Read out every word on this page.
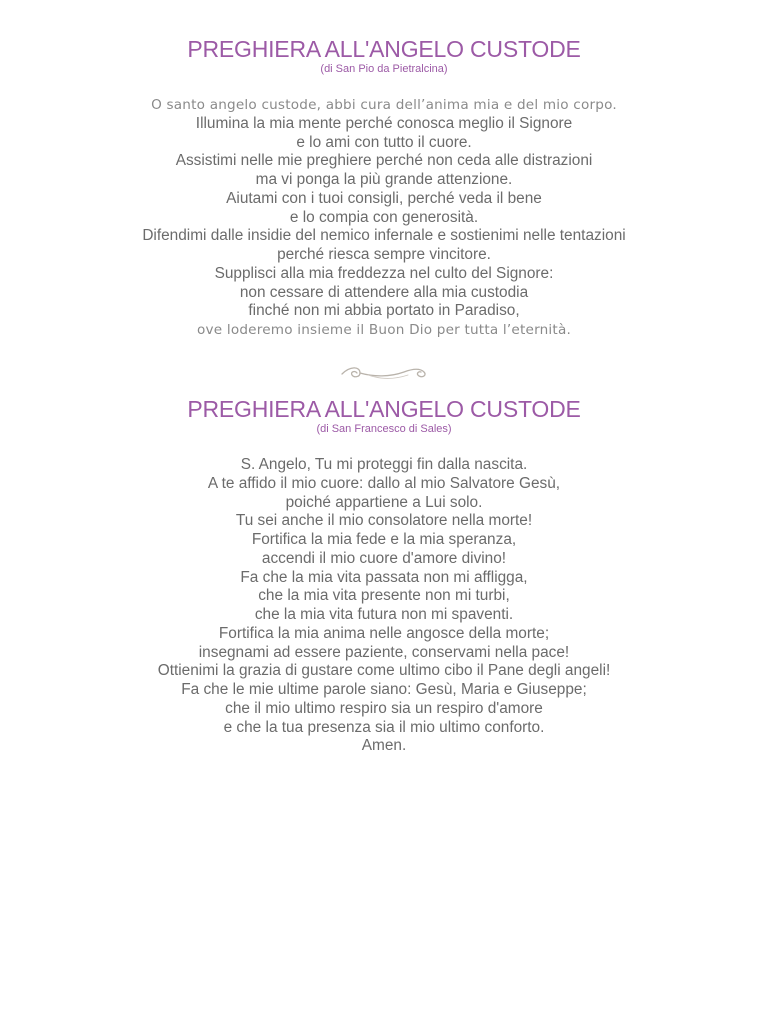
PREGHIERA ALL'ANGELO CUSTODE
(di San Pio da Pietralcina)

O santo angelo custode, abbi cura dell’anima mia e del mio corpo.

Illumina la mia mente perché conosca meglio il Signore

e lo ami con tutto il cuore.

Assistimi nelle mie preghiere perché non ceda alle distrazioni

ma vi ponga la più grande attenzione.

Aiutami con i tuoi consigli, perché veda il bene

e lo compia con generosità.

Difendimi dalle insidie del nemico infernale e sostienimi nelle tentazioni

perché riesca sempre vincitore.

Supplisci alla mia freddezza nel culto del Signore:

non cessare di attendere alla mia custodia

finché non mi abbia portato in Paradiso,

ove loderemo insieme il Buon Dio per tutta l’eternità.

PREGHIERA ALL'ANGELO CUSTODE
(di San Francesco di Sales)

S. Angelo, Tu mi proteggi fin dalla nascita.

A te affido il mio cuore: dallo al mio Salvatore Gesù,

poiché appartiene a Lui solo.

Tu sei anche il mio consolatore nella morte!

Fortifica la mia fede e la mia speranza,

accendi il mio cuore d'amore divino!

Fa che la mia vita passata non mi affligga,

che la mia vita presente non mi turbi,

che la mia vita futura non mi spaventi.

Fortifica la mia anima nelle angosce della morte;

insegnami ad essere paziente, conservami nella pace!

Ottienimi la grazia di gustare come ultimo cibo il Pane degli angeli!

Fa che le mie ultime parole siano: Gesù, Maria e Giuseppe;

che il mio ultimo respiro sia un respiro d'amore

e che la tua presenza sia il mio ultimo conforto.

Amen.
